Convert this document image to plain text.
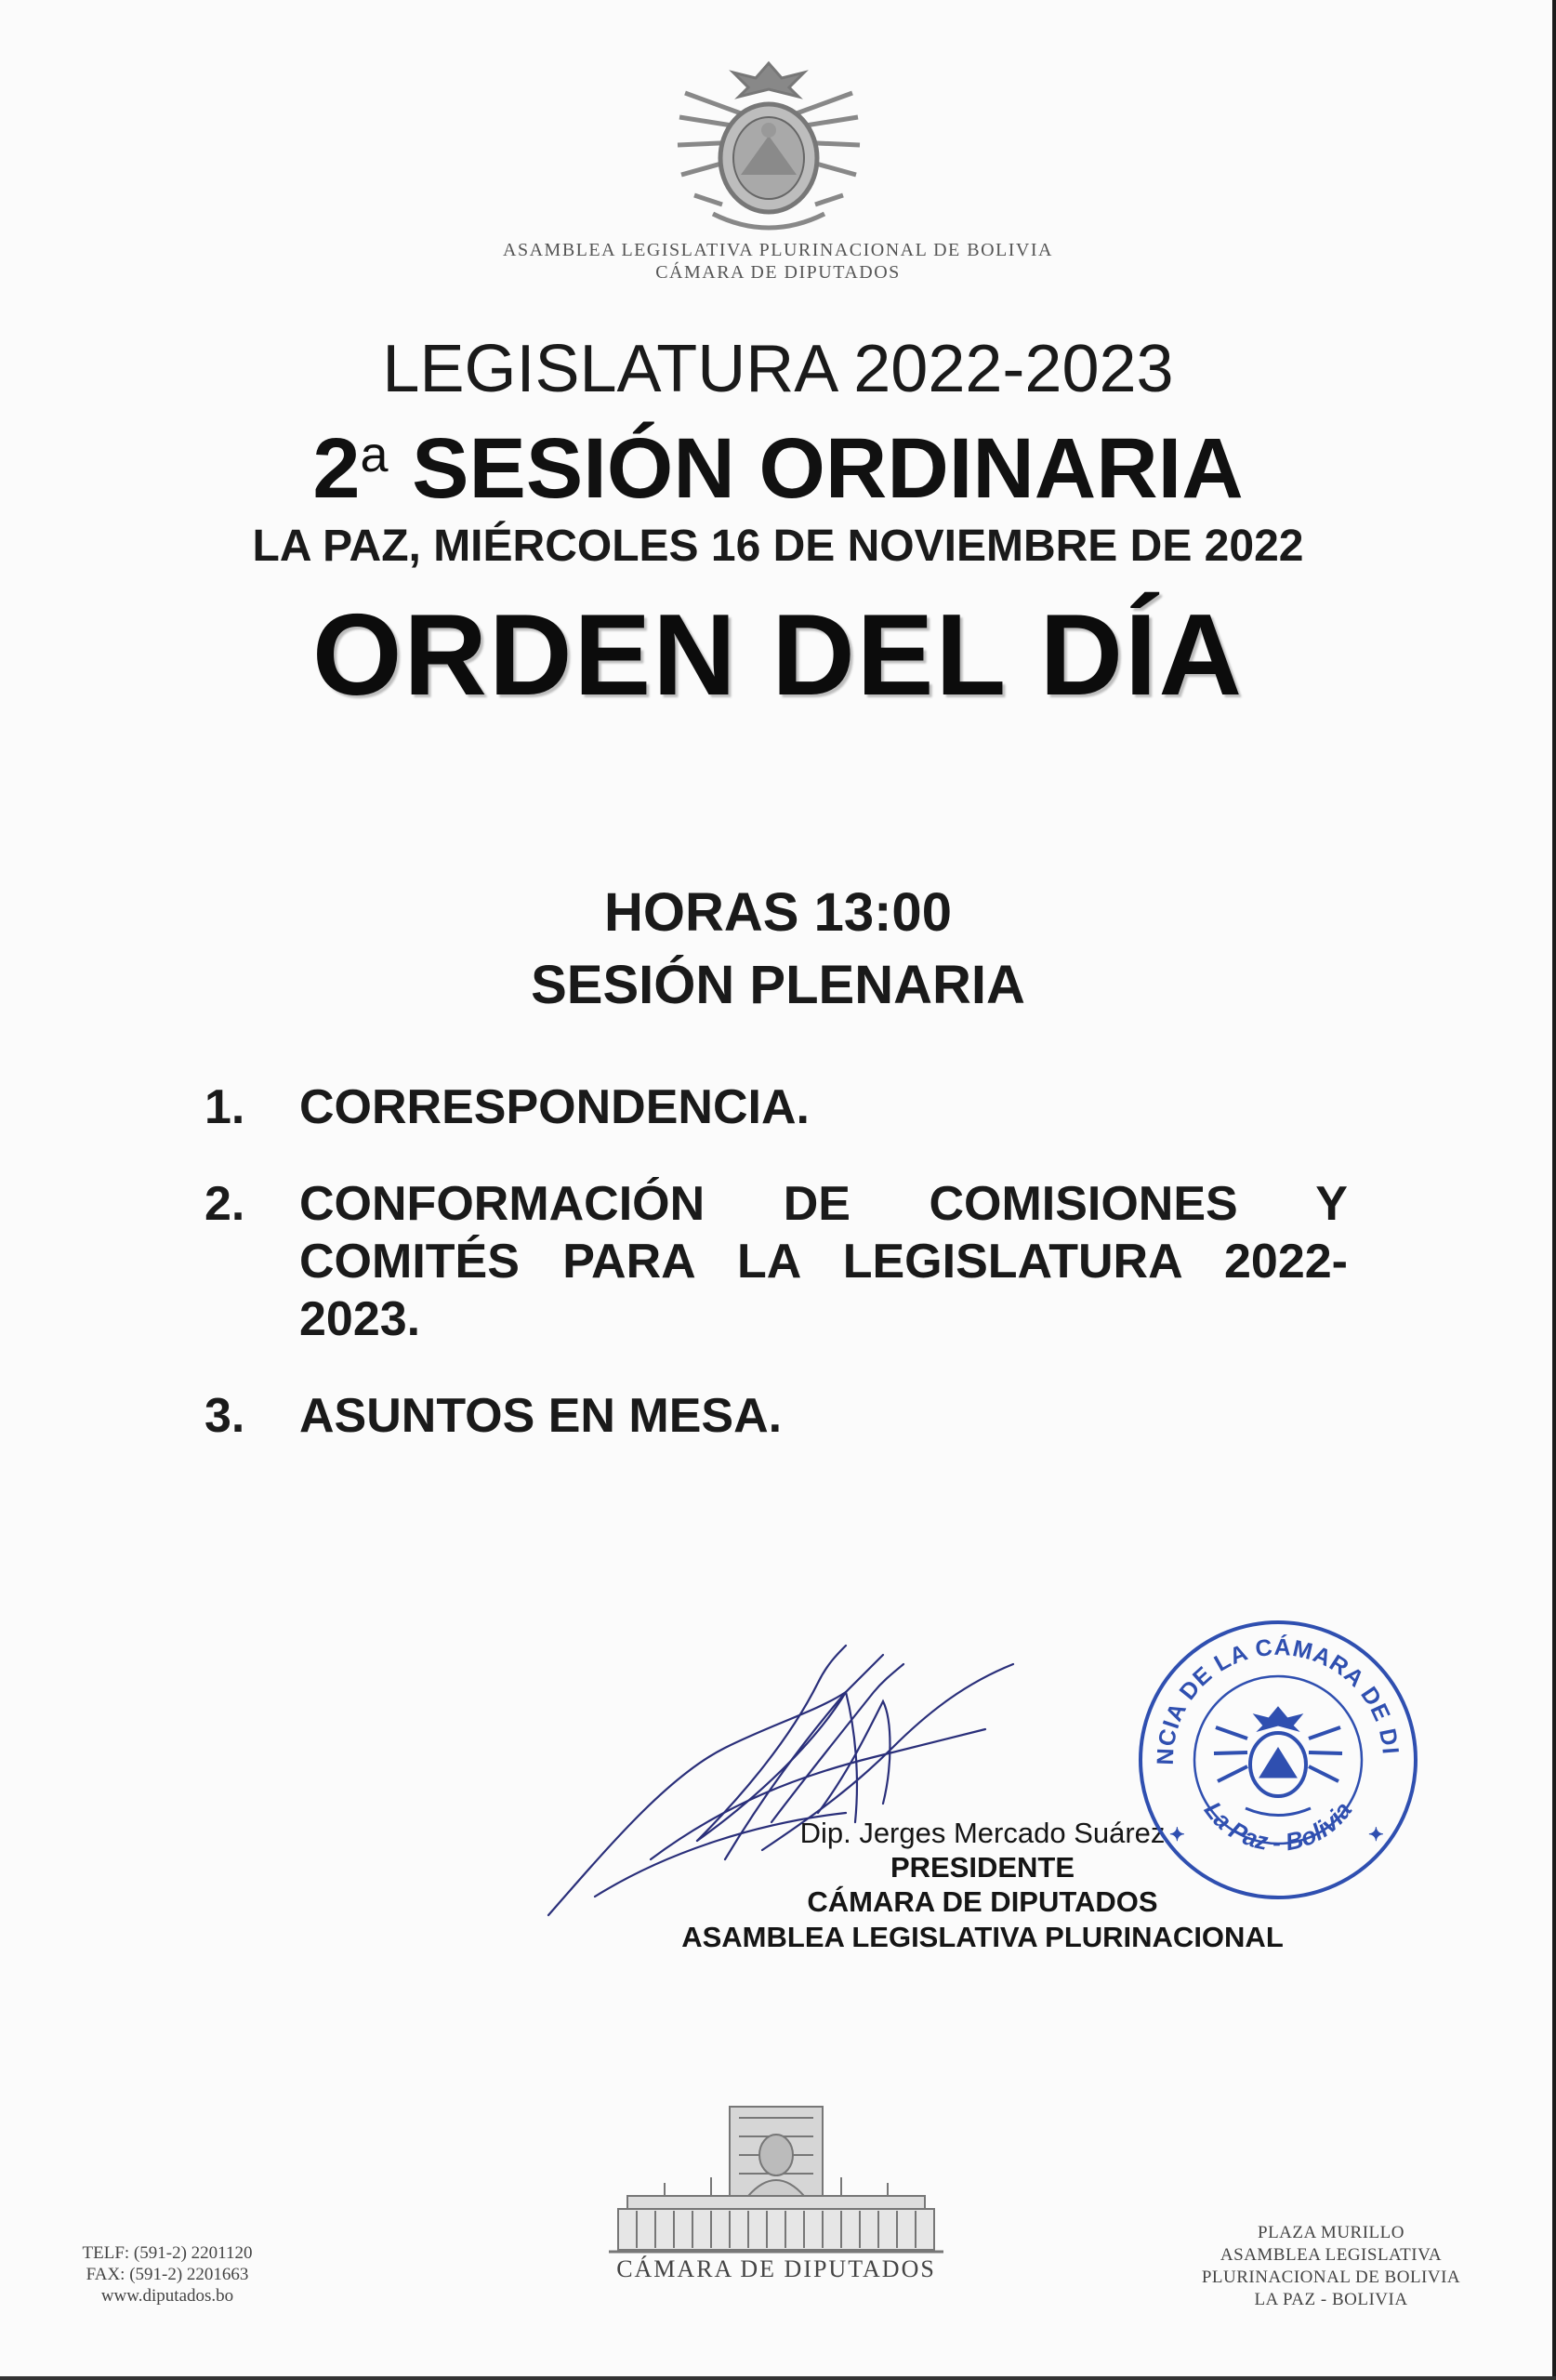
ASAMBLEA LEGISLATIVA PLURINACIONAL DE BOLIVIA
CÁMARA DE DIPUTADOS
LEGISLATURA 2022-2023
2$^a$ SESIÓN ORDINARIA
LA PAZ, MIÉRCOLES 16 DE NOVIEMBRE DE 2022
ORDEN DEL DÍA
HORAS 13:00
SESIÓN PLENARIA
1.	CORRESPONDENCIA.
2.	CONFORMACIÓN DE COMISIONES Y COMITÉS PARA LA LEGISLATURA 2022-2023.
3.	ASUNTOS EN MESA.
Dip. Jerges Mercado Suárez
PRESIDENTE
CÁMARA DE DIPUTADOS
ASAMBLEA LEGISLATIVA PLURINACIONAL
NCIA DE LA CÁMARA DE DI
La Paz - Bolivia
✦	✦
TELF: (591-2) 2201120
FAX: (591-2) 2201663
www.diputados.bo
CÁMARA DE DIPUTADOS
PLAZA MURILLO
ASAMBLEA LEGISLATIVA
PLURINACIONAL DE BOLIVIA
LA PAZ - BOLIVIA
